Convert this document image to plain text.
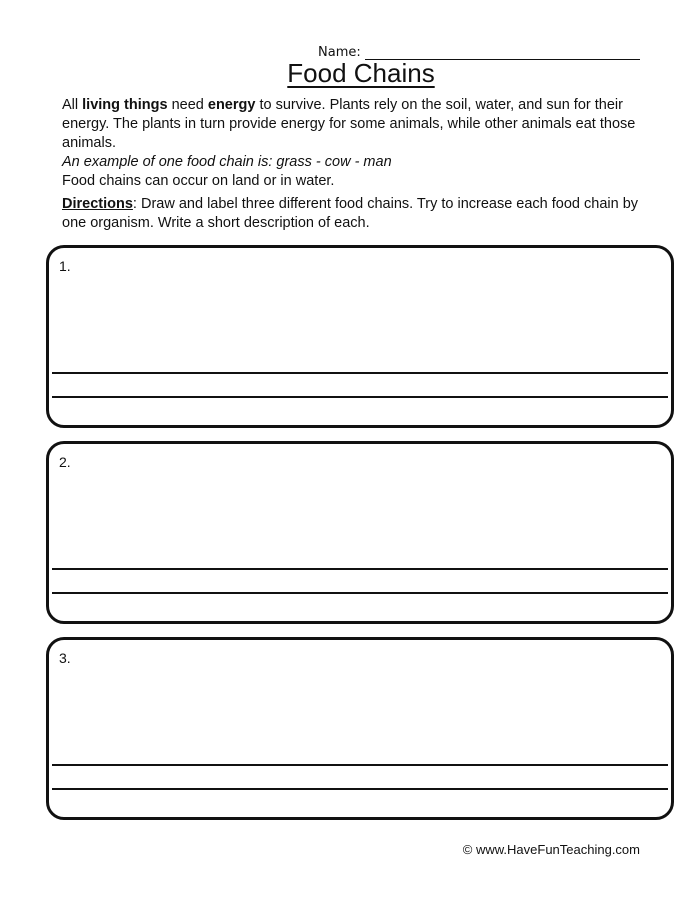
Name:
Food Chains

All living things need energy to survive. Plants rely on the soil, water, and sun for their energy. The plants in turn provide energy for some animals, while other animals eat those animals.

An example of one food chain is: grass - cow - man

Food chains can occur on land or in water.

Directions: Draw and label three different food chains. Try to increase each food chain by one organism. Write a short description of each.
1.
2.
3.
© www.HaveFunTeaching.com
